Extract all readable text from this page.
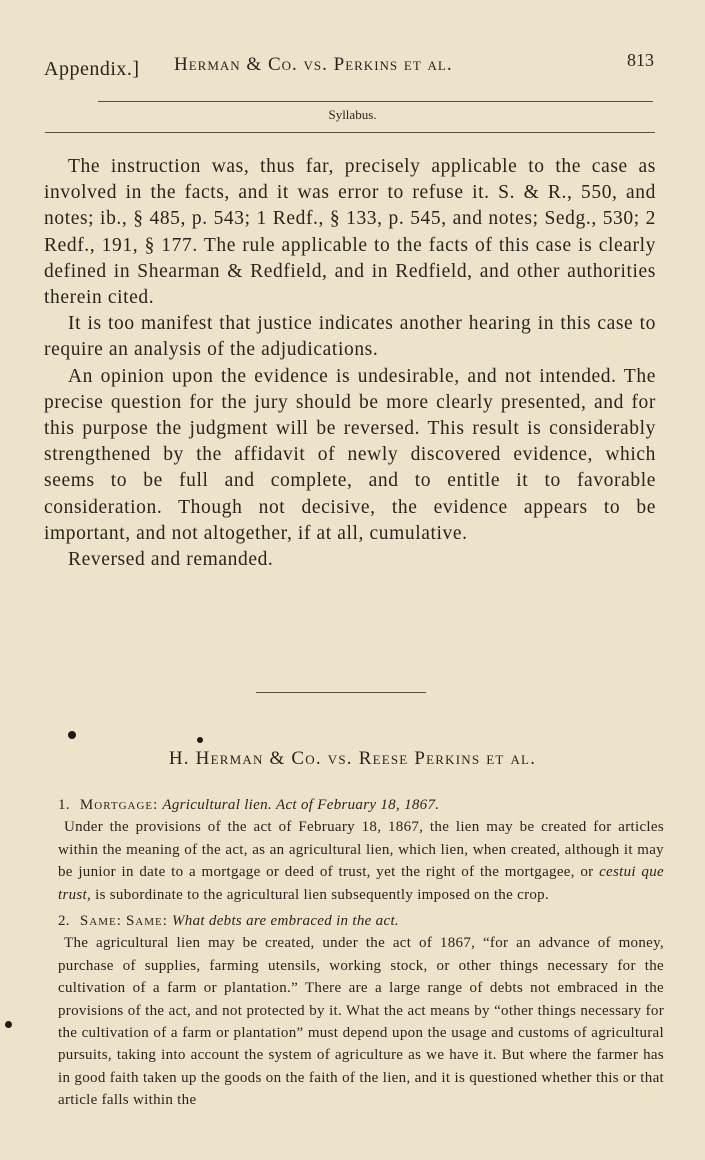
Appendix.] Herman & Co. vs. Perkins et al.	813
Syllabus.

The instruction was, thus far, precisely applicable to the case as involved in the facts, and it was error to refuse it. S. & R., 550, and notes; ib., § 485, p. 543; 1 Redf., § 133, p. 545, and notes; Sedg., 530; 2 Redf., 191, § 177. The rule applicable to the facts of this case is clearly defined in Shearman & Redfield, and in Redfield, and other authorities therein cited.

It is too manifest that justice indicates another hearing in this case to require an analysis of the adjudications.

An opinion upon the evidence is undesirable, and not intended. The precise question for the jury should be more clearly presented, and for this purpose the judgment will be reversed. This result is considerably strengthened by the affidavit of newly discovered evidence, which seems to be full and complete, and to entitle it to favorable consideration. Though not decisive, the evidence appears to be important, and not altogether, if at all, cumulative.

Reversed and remanded.

H. Herman & Co. vs. Reese Perkins et al.
1. Mortgage: Agricultural lien. Act of February 18, 1867.
Under the provisions of the act of February 18, 1867, the lien may be created for articles within the meaning of the act, as an agricultural lien, which lien, when created, although it may be junior in date to a mortgage or deed of trust, yet the right of the mortgagee, or cestui que trust, is subordinate to the agricultural lien subsequently imposed on the crop.
2. Same: Same: What debts are embraced in the act.
The agricultural lien may be created, under the act of 1867, “for an advance of money, purchase of supplies, farming utensils, working stock, or other things necessary for the cultivation of a farm or plantation.” There are a large range of debts not embraced in the provisions of the act, and not protected by it. What the act means by “other things necessary for the cultivation of a farm or plantation” must depend upon the usage and customs of agricultural pursuits, taking into account the system of agriculture as we have it. But where the farmer has in good faith taken up the goods on the faith of the lien, and it is questioned whether this or that article falls within the
